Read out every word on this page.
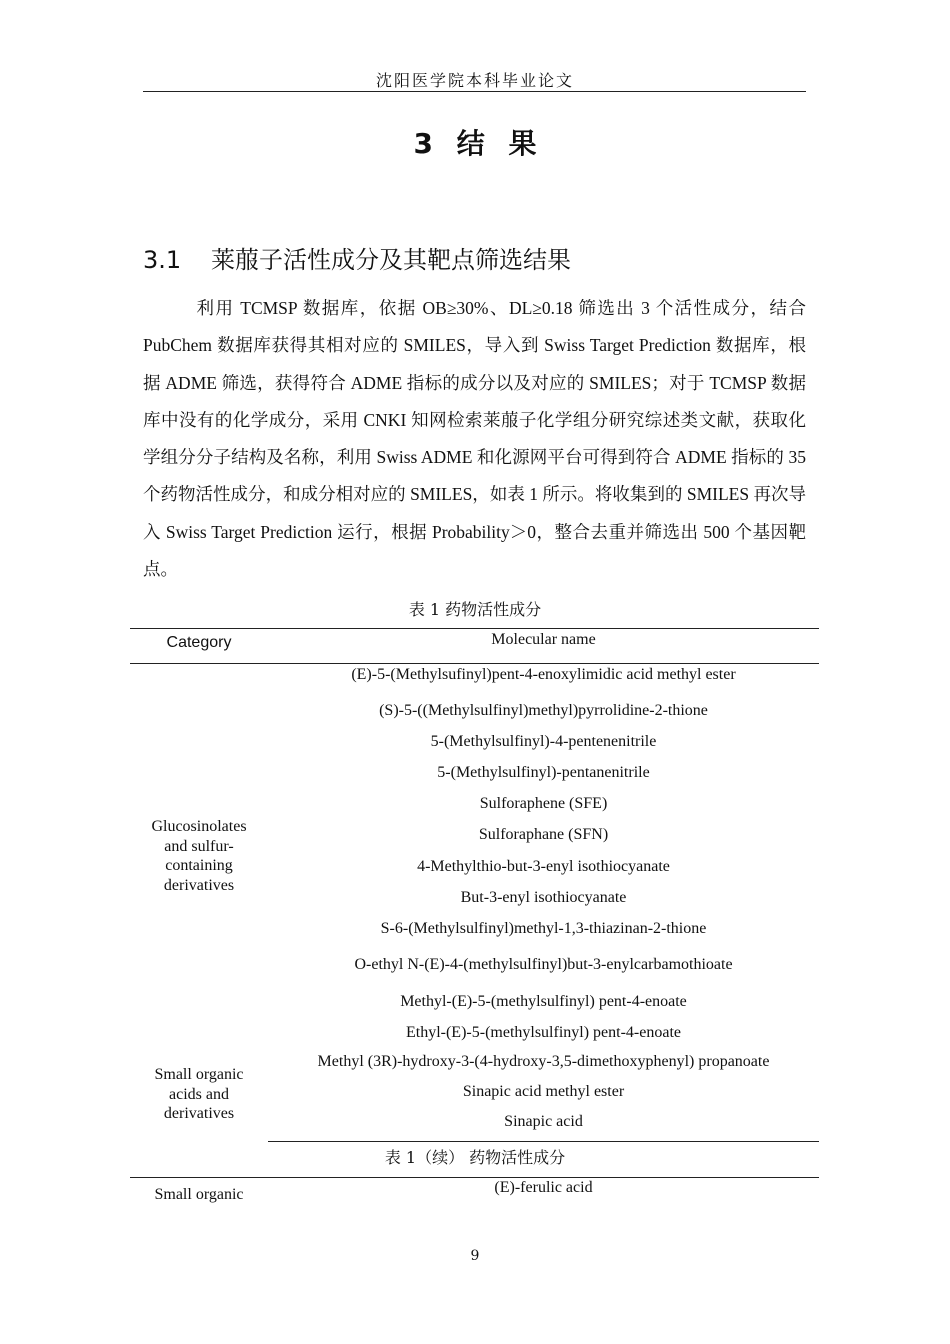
沈阳医学院本科毕业论文
3 结 果
3.1 莱菔子活性成分及其靶点筛选结果
利用 TCMSP 数据库，依据 OB≥30%、DL≥0.18 筛选出 3 个活性成分，结合 PubChem 数据库获得其相对应的 SMILES，导入到 Swiss Target Prediction 数据库，根据 ADME 筛选，获得符合 ADME 指标的成分以及对应的 SMILES；对于 TCMSP 数据库中没有的化学成分，采用 CNKI 知网检索莱菔子化学组分研究综述类文献，获取化学组分分子结构及名称，利用 Swiss ADME 和化源网平台可得到符合 ADME 指标的 35 个药物活性成分，和成分相对应的 SMILES，如表 1 所示。将收集到的 SMILES 再次导入 Swiss Target Prediction 运行，根据 Probability＞0，整合去重并筛选出 500 个基因靶点。
表 1 药物活性成分
Category	Molecular name
Glucosinolates
and sulfur-
containing
derivatives
(E)-5-(Methylsufinyl)pent-4-enoxylimidic acid methyl ester
(S)-5-((Methylsulfinyl)methyl)pyrrolidine-2-thione
5-(Methylsulfinyl)-4-pentenenitrile
5-(Methylsulfinyl)-pentanenitrile
Sulforaphene (SFE)
Sulforaphane (SFN)
4-Methylthio-but-3-enyl isothiocyanate
But-3-enyl isothiocyanate
S-6-(Methylsulfinyl)methyl-1,3-thiazinan-2-thione
O-ethyl N-(E)-4-(methylsulfinyl)but-3-enylcarbamothioate
Methyl-(E)-5-(methylsulfinyl) pent-4-enoate
Ethyl-(E)-5-(methylsulfinyl) pent-4-enoate
Small organic
acids and
derivatives
Methyl (3R)-hydroxy-3-(4-hydroxy-3,5-dimethoxyphenyl) propanoate
Sinapic acid methyl ester
Sinapic acid
表 1（续） 药物活性成分
Small organic	(E)-ferulic acid
9
